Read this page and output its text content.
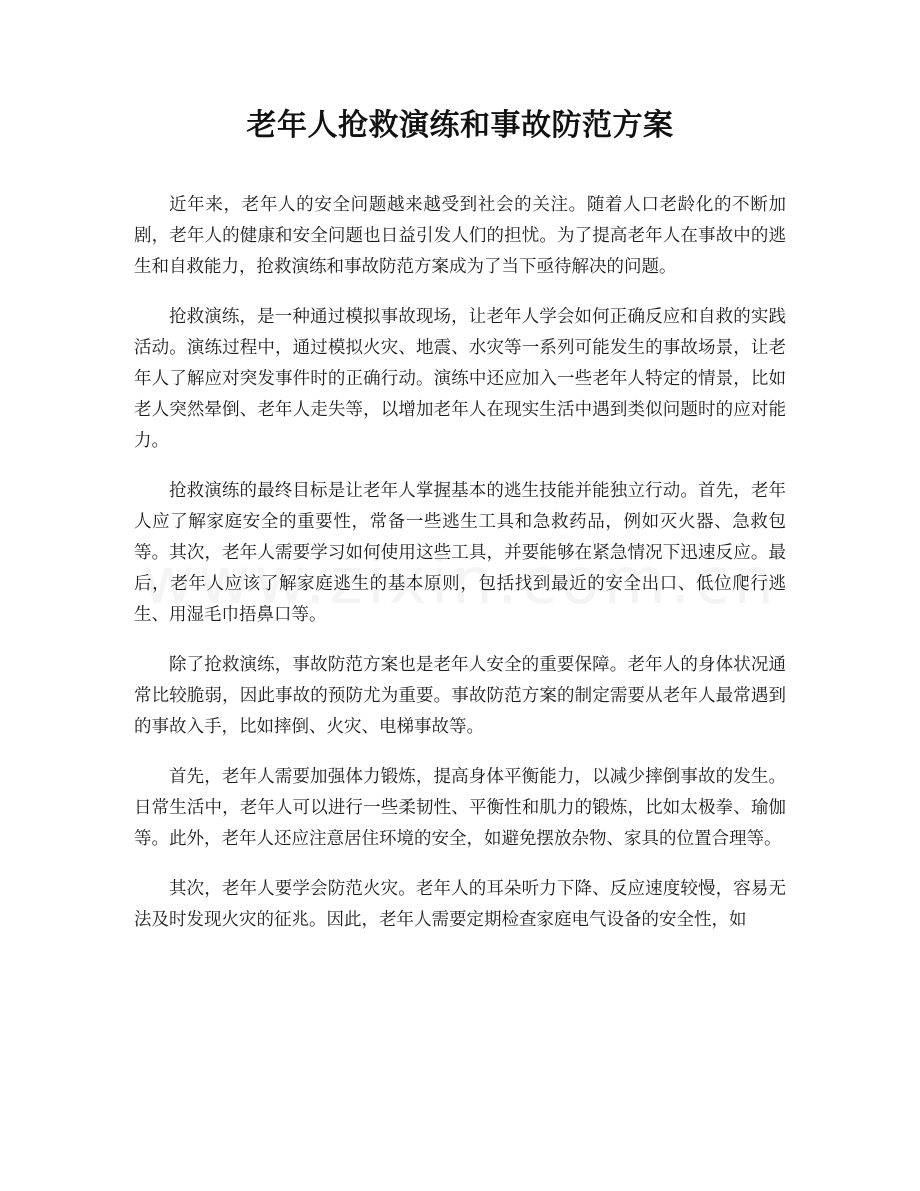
老年人抢救演练和事故防范方案

近年来，老年人的安全问题越来越受到社会的关注。随着人口老龄化的不断加剧，老年人的健康和安全问题也日益引发人们的担忧。为了提高老年人在事故中的逃生和自救能力，抢救演练和事故防范方案成为了当下亟待解决的问题。

抢救演练，是一种通过模拟事故现场，让老年人学会如何正确反应和自救的实践活动。演练过程中，通过模拟火灾、地震、水灾等一系列可能发生的事故场景，让老年人了解应对突发事件时的正确行动。演练中还应加入一些老年人特定的情景，比如老人突然晕倒、老年人走失等，以增加老年人在现实生活中遇到类似问题时的应对能力。

抢救演练的最终目标是让老年人掌握基本的逃生技能并能独立行动。首先，老年人应了解家庭安全的重要性，常备一些逃生工具和急救药品，例如灭火器、急救包等。其次，老年人需要学习如何使用这些工具，并要能够在紧急情况下迅速反应。最后，老年人应该了解家庭逃生的基本原则，包括找到最近的安全出口、低位爬行逃生、用湿毛巾捂鼻口等。

除了抢救演练，事故防范方案也是老年人安全的重要保障。老年人的身体状况通常比较脆弱，因此事故的预防尤为重要。事故防范方案的制定需要从老年人最常遇到的事故入手，比如摔倒、火灾、电梯事故等。

首先，老年人需要加强体力锻炼，提高身体平衡能力，以减少摔倒事故的发生。日常生活中，老年人可以进行一些柔韧性、平衡性和肌力的锻炼，比如太极拳、瑜伽等。此外，老年人还应注意居住环境的安全，如避免摆放杂物、家具的位置合理等。

其次，老年人要学会防范火灾。老年人的耳朵听力下降、反应速度较慢，容易无法及时发现火灾的征兆。因此，老年人需要定期检查家庭电气设备的安全性，如
